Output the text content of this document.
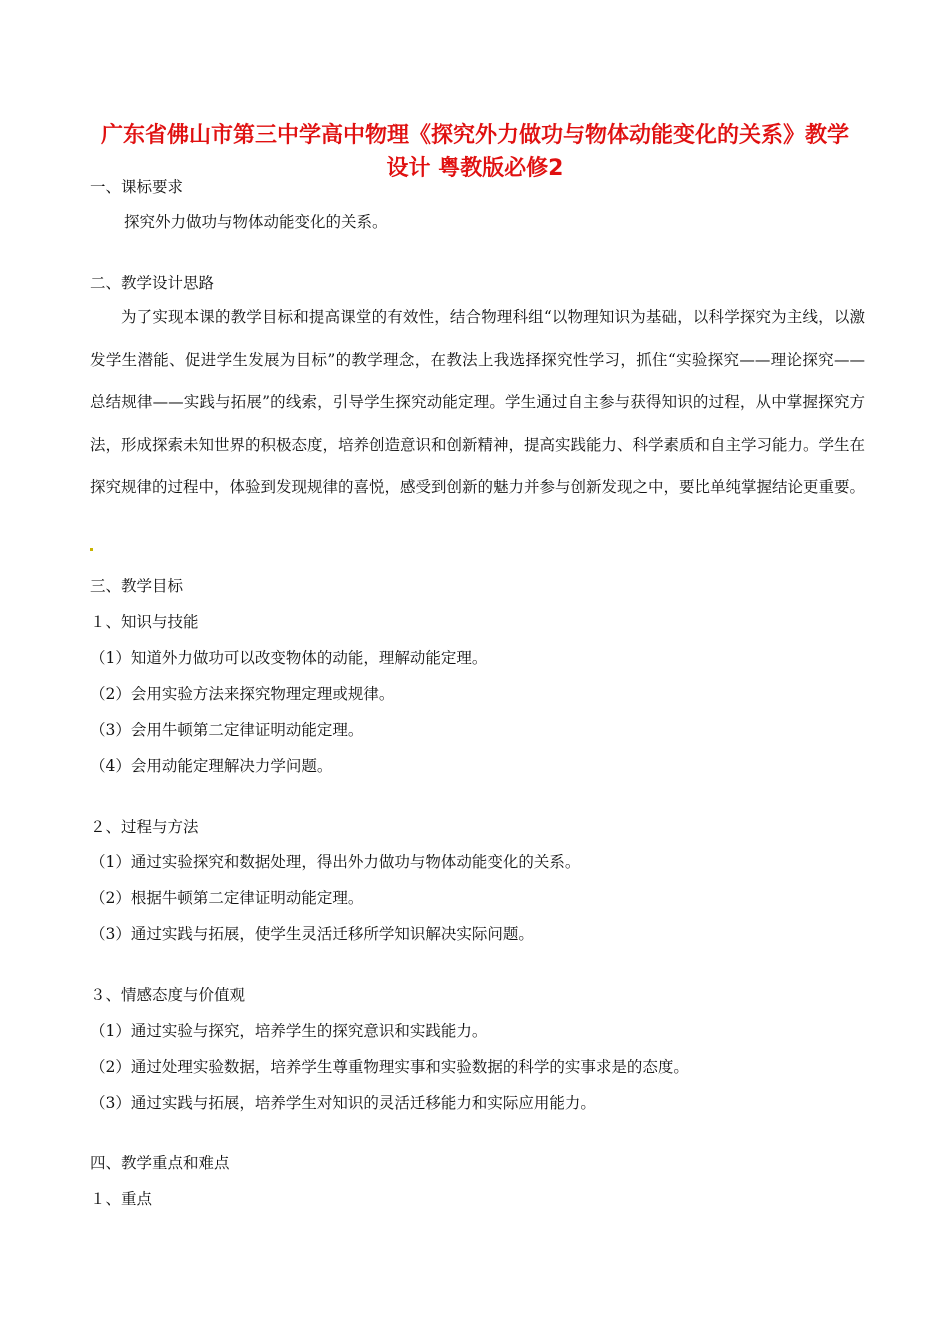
广东省佛山市第三中学高中物理《探究外力做功与物体动能变化的关系》教学
设计 粤教版必修2
一、课标要求
探究外力做功与物体动能变化的关系。
二、教学设计思路
为了实现本课的教学目标和提高课堂的有效性，结合物理科组“以物理知识为基础，以科学探究为主线，以激发学生潜能、促进学生发展为目标”的教学理念，在教法上我选择探究性学习，抓住“实验探究——理论探究——总结规律——实践与拓展”的线索，引导学生探究动能定理。学生通过自主参与获得知识的过程，从中掌握探究方法，形成探索未知世界的积极态度，培养创造意识和创新精神，提高实践能力、科学素质和自主学习能力。学生在探究规律的过程中，体验到发现规律的喜悦，感受到创新的魅力并参与创新发现之中，要比单纯掌握结论更重要。
三、教学目标
１、知识与技能
（1）知道外力做功可以改变物体的动能，理解动能定理。
（2）会用实验方法来探究物理定理或规律。
（3）会用牛顿第二定律证明动能定理。
（4）会用动能定理解决力学问题。
２、过程与方法
（1）通过实验探究和数据处理，得出外力做功与物体动能变化的关系。
（2）根据牛顿第二定律证明动能定理。
（3）通过实践与拓展，使学生灵活迁移所学知识解决实际问题。
３、情感态度与价值观
（1）通过实验与探究，培养学生的探究意识和实践能力。
（2）通过处理实验数据，培养学生尊重物理实事和实验数据的科学的实事求是的态度。
（3）通过实践与拓展，培养学生对知识的灵活迁移能力和实际应用能力。
四、教学重点和难点
１、重点
